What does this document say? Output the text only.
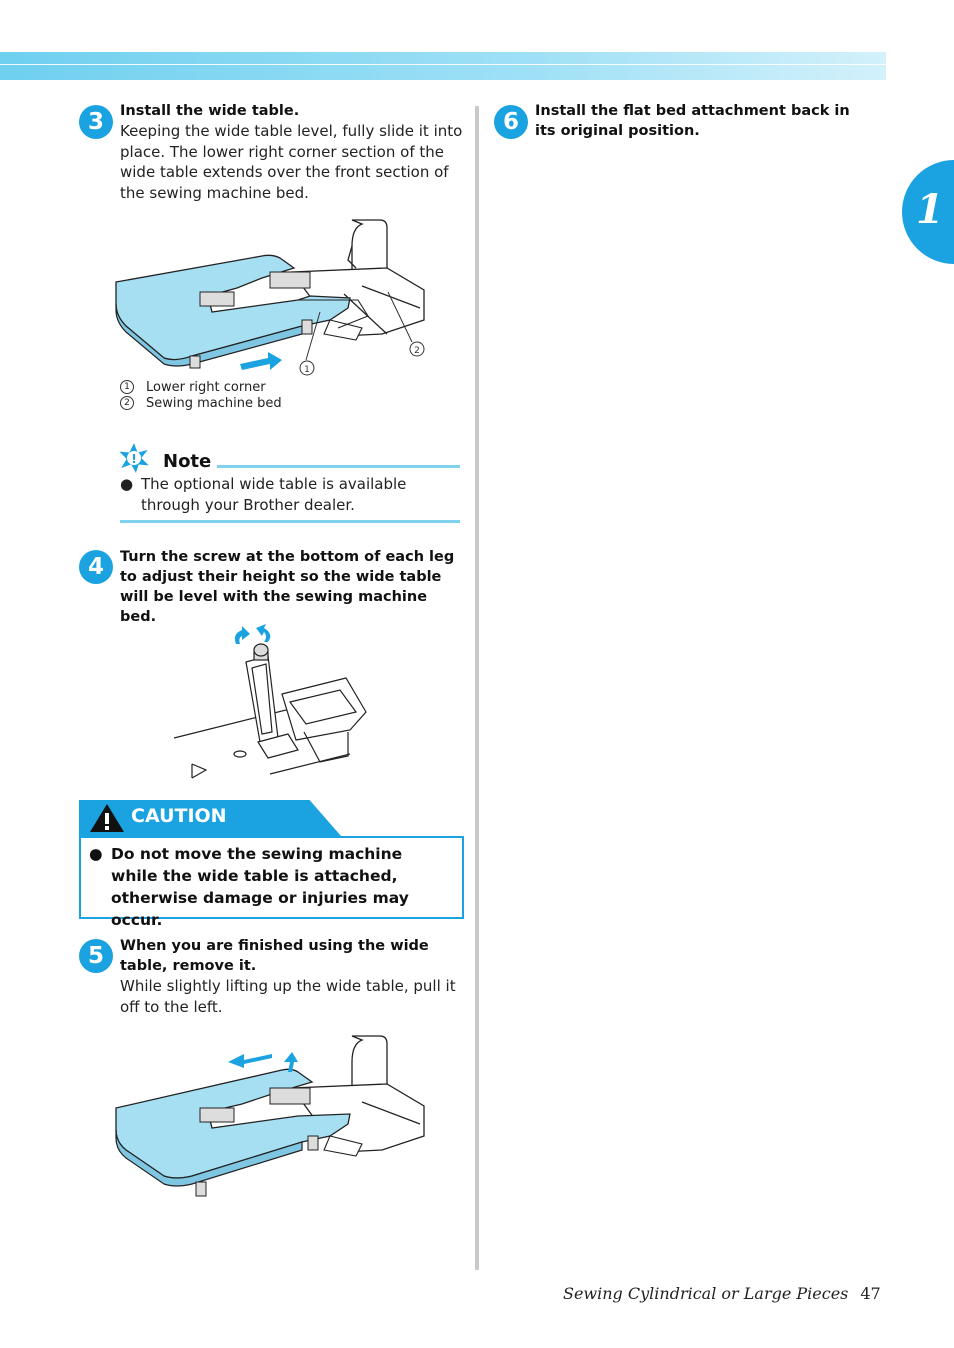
1
3	Install the wide table.
Keeping the wide table level, fully slide it into place. The lower right corner section of the wide table extends over the front section of the sewing machine bed.
1
2
1	Lower right corner
2	Sewing machine bed
! Note
● The optional wide table is available through your Brother dealer.
4	Turn the screw at the bottom of each leg to adjust their height so the wide table will be level with the sewing machine bed.
CAUTION
● Do not move the sewing machine while the wide table is attached, otherwise damage or injuries may occur.
5	When you are finished using the wide table, remove it.
While slightly lifting up the wide table, pull it off to the left.
6	Install the flat bed attachment back in its original position.
Sewing Cylindrical or Large Pieces 47
